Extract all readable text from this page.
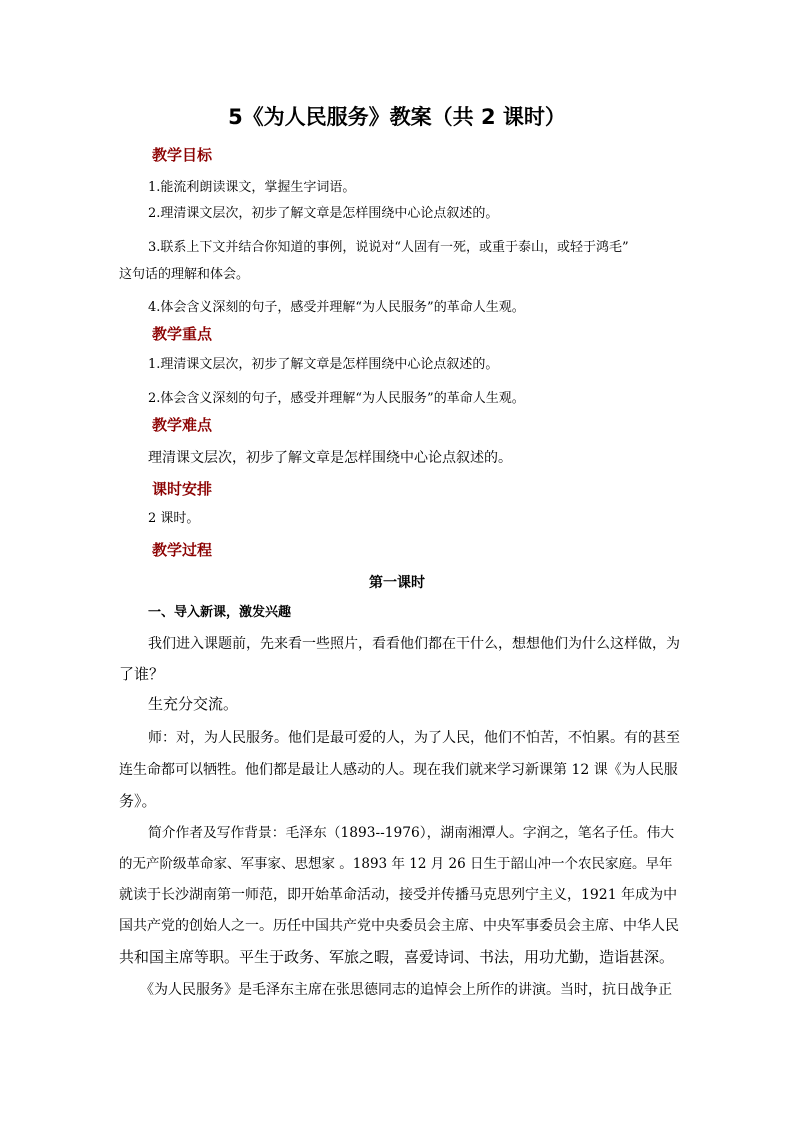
5《为人民服务》教案（共 2 课时）
教学目标
1.能流利朗读课文，掌握生字词语。
2.理清课文层次，初步了解文章是怎样围绕中心论点叙述的。
3.联系上下文并结合你知道的事例，说说对“人固有一死，或重于泰山，或轻于鸿毛”
这句话的理解和体会。
4.体会含义深刻的句子，感受并理解“为人民服务”的革命人生观。
教学重点
1.理清课文层次，初步了解文章是怎样围绕中心论点叙述的。
2.体会含义深刻的句子，感受并理解“为人民服务”的革命人生观。
教学难点
理清课文层次，初步了解文章是怎样围绕中心论点叙述的。
课时安排
2 课时。
教学过程
第一课时
一、导入新课，激发兴趣
我们进入课题前，先来看一些照片，看看他们都在干什么，想想他们为什么这样做，为
了谁？
生充分交流。
师：对，为人民服务。他们是最可爱的人，为了人民，他们不怕苦，不怕累。有的甚至
连生命都可以牺牲。他们都是最让人感动的人。现在我们就来学习新课第 12 课《为人民服
务》。
简介作者及写作背景：毛泽东（1893--1976），湖南湘潭人。字润之，笔名子任。伟大
的无产阶级革命家、军事家、思想家 。1893 年 12 月 26 日生于韶山冲一个农民家庭。早年
就读于长沙湖南第一师范，即开始革命活动，接受并传播马克思列宁主义，1921 年成为中
国共产党的创始人之一。历任中国共产党中央委员会主席、中央军事委员会主席、中华人民
共和国主席等职。平生于政务、军旅之暇，喜爱诗词、书法，用功尤勤，造诣甚深。
《为人民服务》是毛泽东主席在张思德同志的追悼会上所作的讲演。当时，抗日战争正
